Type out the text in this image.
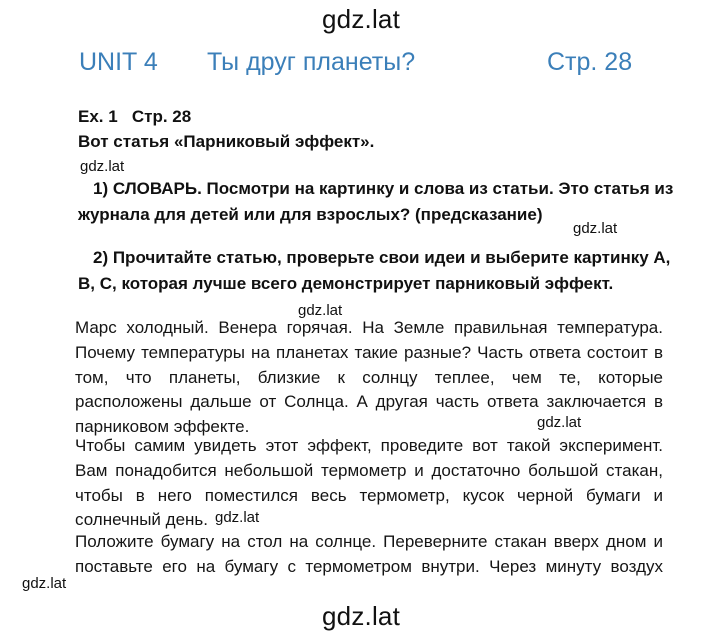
gdz.lat
gdz.lat
gdz.lat
gdz.lat
gdz.lat
gdz.lat
gdz.lat
gdz.lat
UNIT 4 Ты друг планеты?	Стр. 28
Ex. 1   Стр. 28
Вот статья «Парниковый эффект».
1) СЛОВАРЬ. Посмотри на картинку и слова из статьи. Это статья из
журнала для детей или для взрослых? (предсказание)
2) Прочитайте статью, проверьте свои идеи и выберите картинку А,
В, С, которая лучше всего демонстрирует парниковый эффект.
Марс холодный. Венера горячая. На Земле правильная температура.
Почему температуры на планетах такие разные? Часть ответа состоит в
том,   что   планеты,   близкие   к   солнцу   теплее,   чем   те,   которые
расположены дальше от Солнца. А другая часть ответа заключается в
парниковом эффекте.
Чтобы самим увидеть этот эффект, проведите вот такой эксперимент.
Вам понадобится небольшой термометр и достаточно большой стакан,
чтобы в него поместился весь термометр, кусок черной бумаги и
солнечный день.
Положите бумагу на стол на солнце. Переверните стакан вверх дном и
поставьте его на бумагу с термометром внутри. Через минуту воздух
